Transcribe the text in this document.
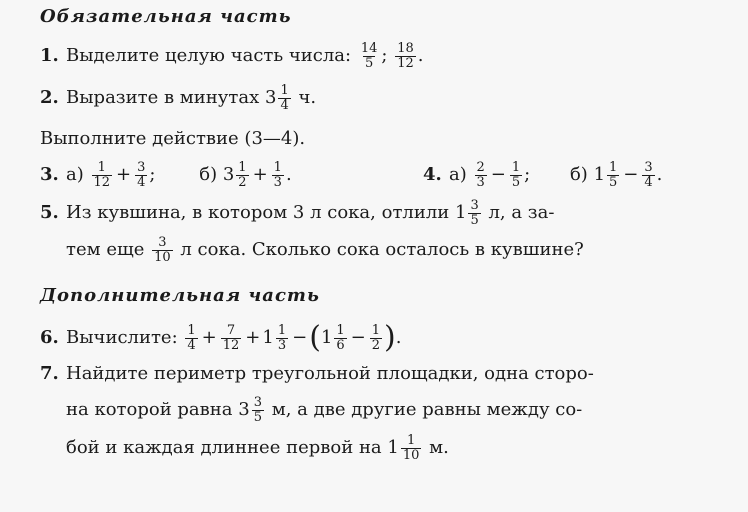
Обязательная часть
1. Выделите целую часть числа: $\frac{14}{5}$ ; $\frac{18}{12}$ .
2. Выразите в минутах $3 \frac{1}{4} ч$.
Выполните действие (3—4).
3. $а) \frac{1}{12} + \frac{3}{4}$ ; б) 3 1
$2 + \frac{1}{3}$ .	4. $а) \frac{2}{3} - \frac{1}{5}$ ; б) 1 1
$5 - \frac{3}{4}$ .
5. Из кувшина, в котором 3 л сока, отлили 1 3
5 л, а за-
тем еще $\frac{3}{10}$ л сока. Сколько сока осталось в кувшине?
Дополнительная часть
6. Вычислите: $\frac{1}{4} + \frac{7}{12} + 1$ 1
3 −( 1 1
$6 - \frac{1}{2}$ ).
7. Найдите периметр треугольной площадки, одна сторо-
на которой равна 3 3
5 м, а две другие равны между со-
бой и каждая длиннее первой на 1 1
10 м.
